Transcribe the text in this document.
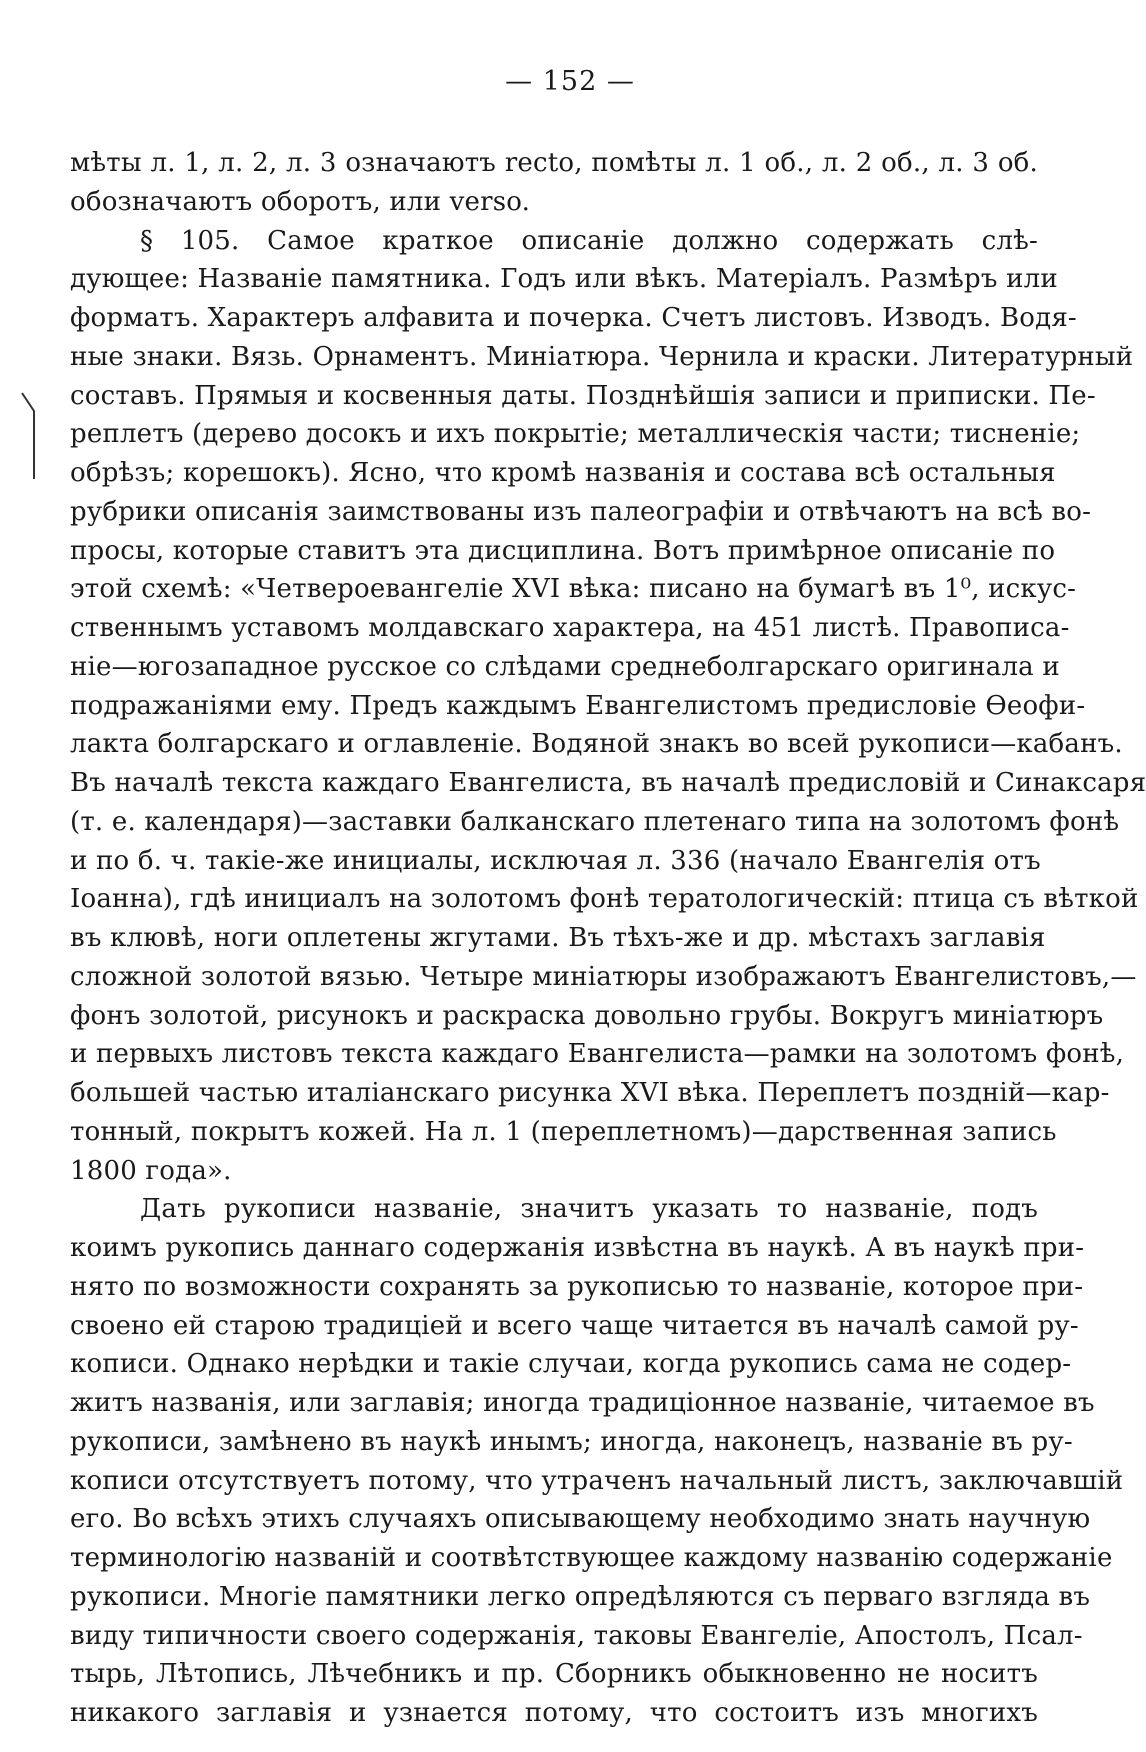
— 152 —
мѣты л. 1, л. 2, л. 3 означаютъ recto, помѣты л. 1 об., л. 2 об., л. 3 об.
обозначаютъ оборотъ, или verso.
§ 105. Самое краткое описаніе должно содержать слѣ-
дующее: Названіе памятника. Годъ или вѣкъ. Матеріалъ. Размѣръ или
форматъ. Характеръ алфавита и почерка. Счетъ листовъ. Изводъ. Водя-
ные знаки. Вязь. Орнаментъ. Миніатюра. Чернила и краски. Литературный
составъ. Прямыя и косвенныя даты. Позднѣйшія записи и приписки. Пе-
реплетъ (дерево досокъ и ихъ покрытіе; металлическія части; тисненіе;
обрѣзъ; корешокъ). Ясно, что кромѣ названія и состава всѣ остальныя
рубрики описанія заимствованы изъ палеографіи и отвѣчаютъ на всѣ во-
просы, которые ставитъ эта дисциплина. Вотъ примѣрное описаніе по
этой схемѣ: «Четвероевангеліе XVI вѣка: писано на бумагѣ въ 1⁰, искус-
ственнымъ уставомъ молдавскаго характера, на 451 листѣ. Правописа-
ніе—югозападное русское со слѣдами среднеболгарскаго оригинала и
подражаніями ему. Предъ каждымъ Евангелистомъ предисловіе Өеофи-
лакта болгарскаго и оглавленіе. Водяной знакъ во всей рукописи—кабанъ.
Въ началѣ текста каждаго Евангелиста, въ началѣ предисловій и Синаксаря
(т. е. календаря)—заставки балканскаго плетенаго типа на золотомъ фонѣ
и по б. ч. такіе-же инициалы, исключая л. 336 (начало Евангелія отъ
Іоанна), гдѣ инициалъ на золотомъ фонѣ тератологическій: птица съ вѣткой
въ клювѣ, ноги оплетены жгутами. Въ тѣхъ-же и др. мѣстахъ заглавія
сложной золотой вязью. Четыре миніатюры изображаютъ Евангелистовъ,—
фонъ золотой, рисунокъ и раскраска довольно грубы. Вокругъ миніатюръ
и первыхъ листовъ текста каждаго Евангелиста—рамки на золотомъ фонѣ,
большей частью италіанскаго рисунка XVI вѣка. Переплетъ поздній—кар-
тонный, покрытъ кожей. На л. 1 (переплетномъ)—дарственная запись
1800 года».
Дать рукописи названіе, значитъ указать то названіе, подъ
коимъ рукопись даннаго содержанія извѣстна въ наукѣ. А въ наукѣ при-
нято по возможности сохранять за рукописью то названіе, которое при-
своено ей старою традиціей и всего чаще читается въ началѣ самой ру-
кописи. Однако нерѣдки и такіе случаи, когда рукопись сама не содер-
житъ названія, или заглавія; иногда традиціонное названіе, читаемое въ
рукописи, замѣнено въ наукѣ инымъ; иногда, наконецъ, названіе въ ру-
кописи отсутствуетъ потому, что утраченъ начальный листъ, заключавшій
его. Во всѣхъ этихъ случаяхъ описывающему необходимо знать научную
терминологію названій и соотвѣтствующее каждому названію содержаніе
рукописи. Многіе памятники легко опредѣляются съ перваго взгляда въ
виду типичности своего содержанія, таковы Евангеліе, Апостолъ, Псал-
тырь, Лѣтопись, Лѣчебникъ и пр. Сборникъ обыкновенно не носитъ
никакого заглавія и узнается потому, что состоитъ изъ многихъ
